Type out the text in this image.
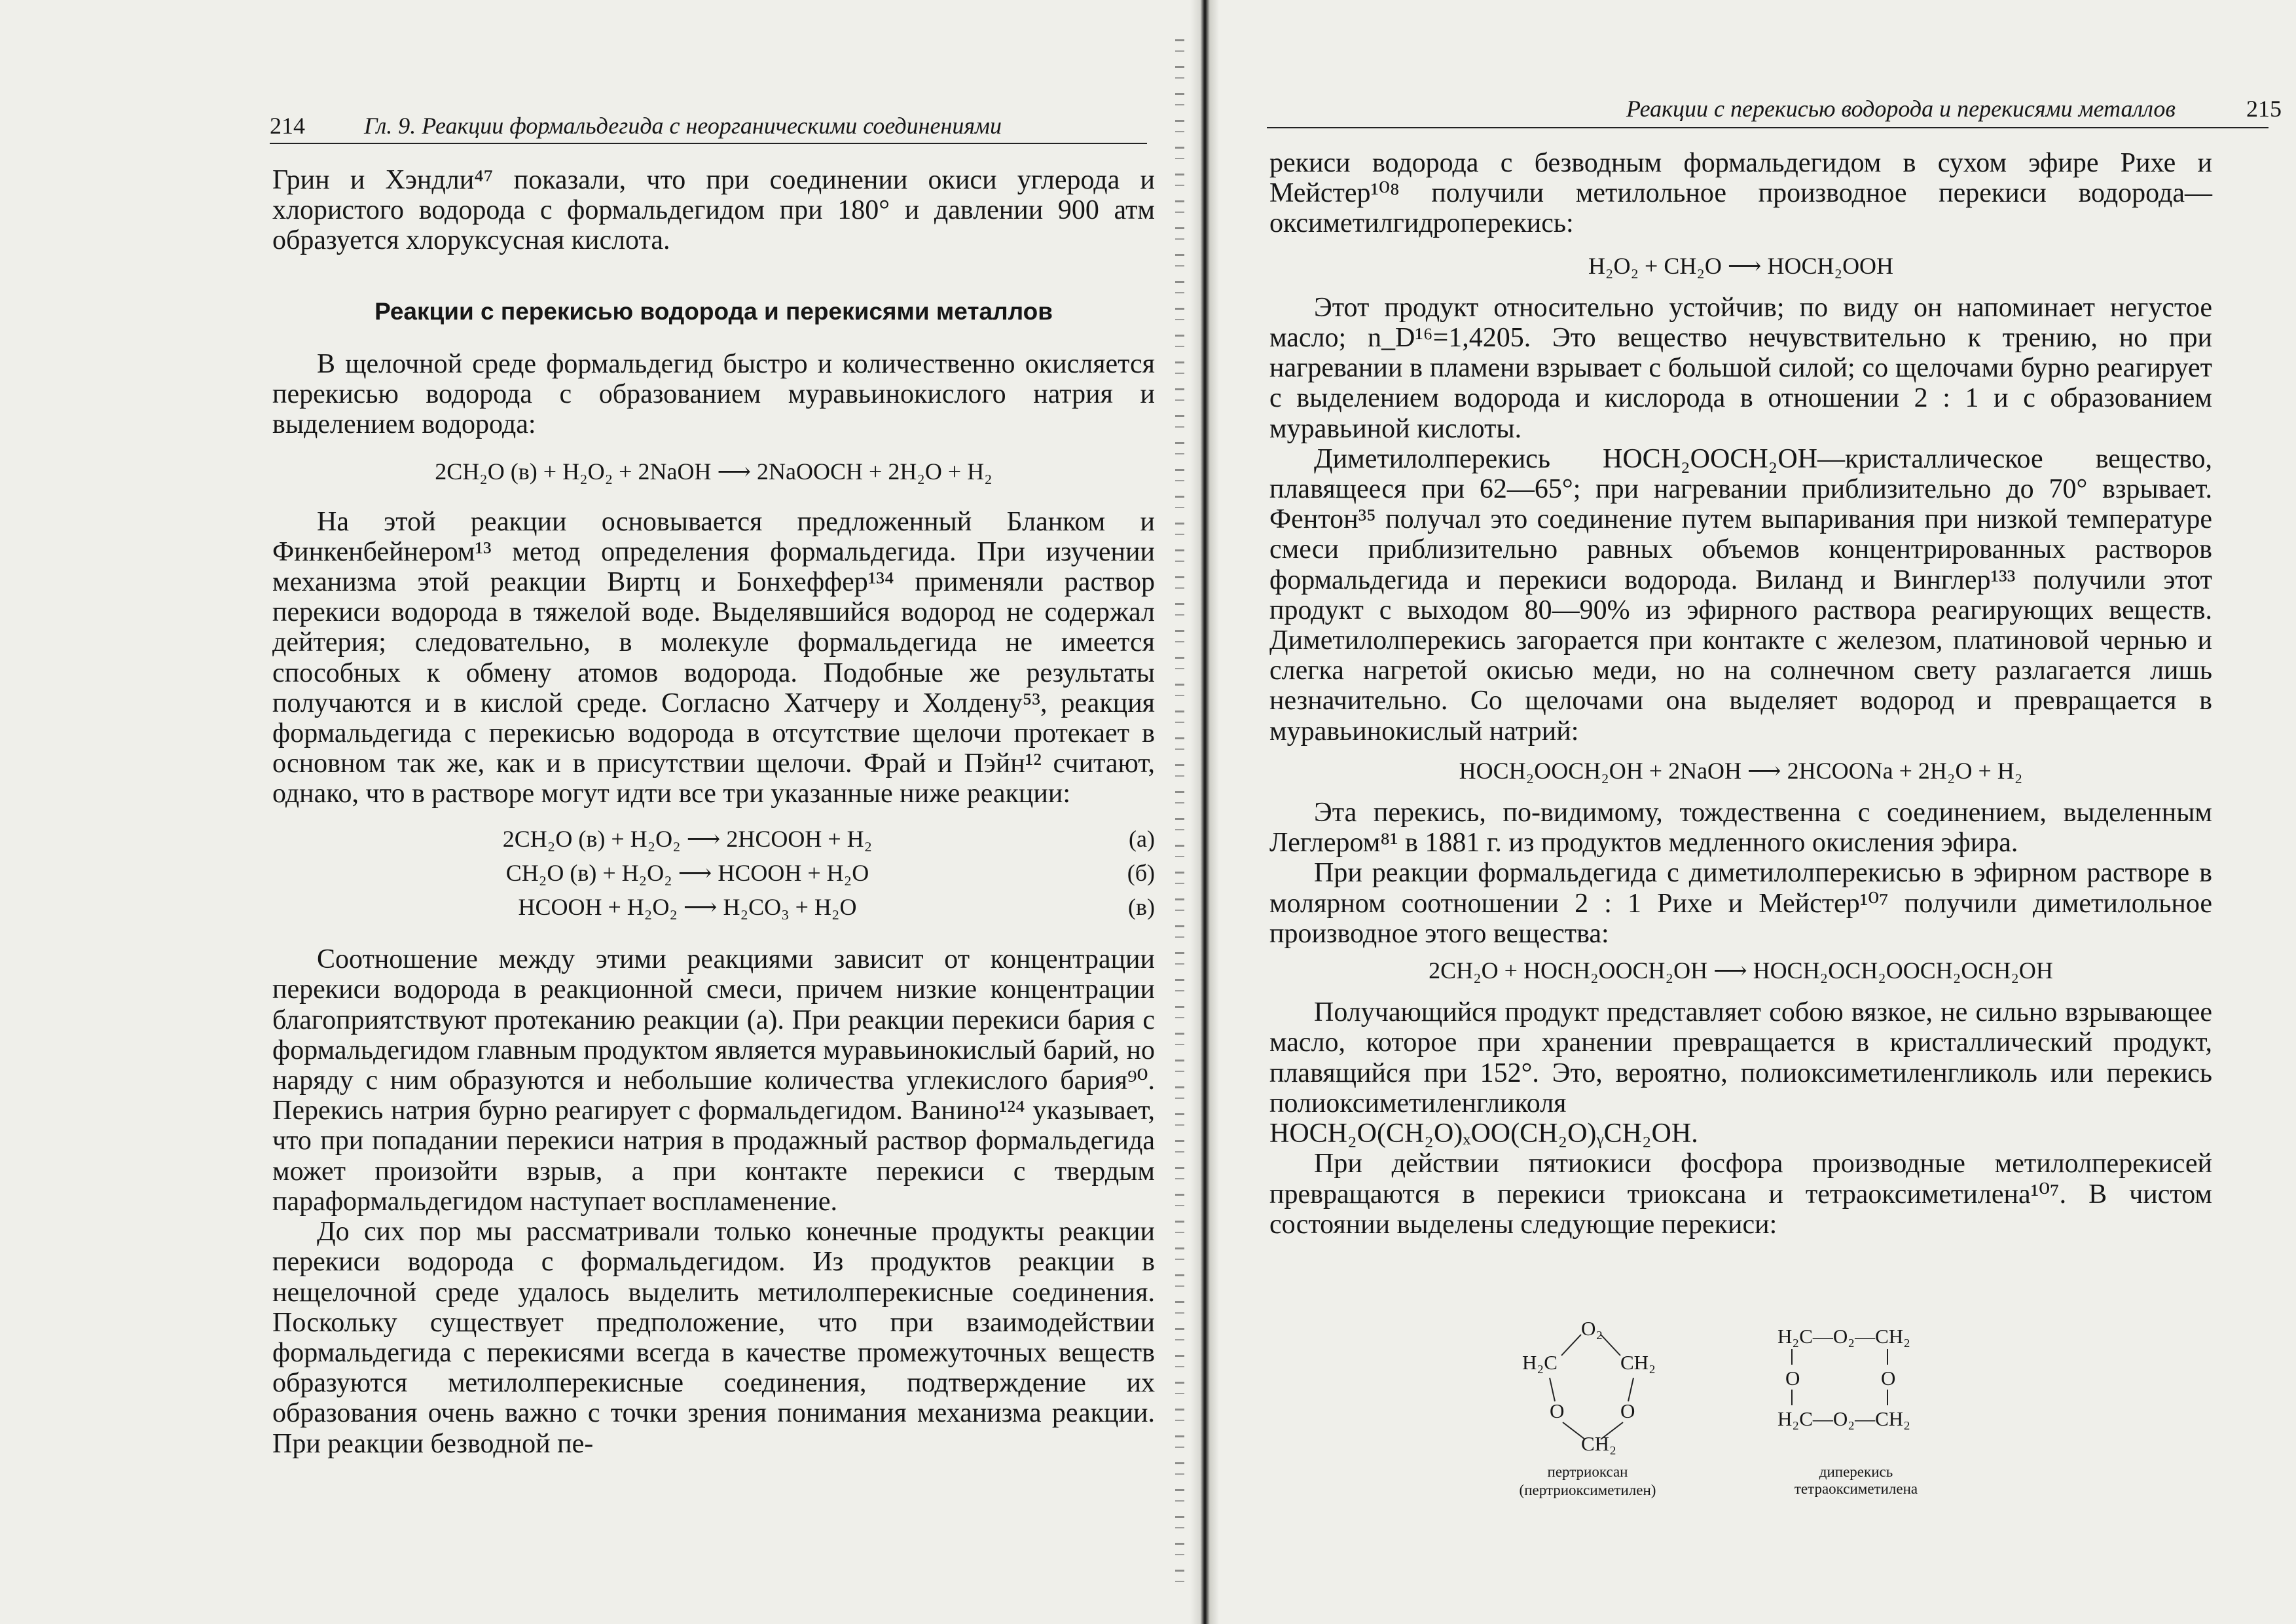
214	Гл. 9. Реакции формальдегида с неорганическими соединениями

Грин и Хэндли⁴⁷ показали, что при соединении окиси углерода и хлористого водорода с формальдегидом при 180° и давлении 900 атм образуется хлоруксусная кислота.

Реакции с перекисью водорода и перекисями металлов

В щелочной среде формальдегид быстро и количественно окисляется перекисью водорода с образованием муравьинокислого натрия и выделением водорода:

2CH₂O (в) + H₂O₂ + 2NaOH ⟶ 2NaOOCH + 2H₂O + H₂

На этой реакции основывается предложенный Бланком и Финкенбейнером¹³ метод определения формальдегида. При изучении механизма этой реакции Виртц и Бонхеффер¹³⁴ применяли раствор перекиси водорода в тяжелой воде. Выделявшийся водород не содержал дейтерия; следовательно, в молекуле формальдегида не имеется способных к обмену атомов водорода. Подобные же результаты получаются и в кислой среде. Согласно Хатчеру и Холдену⁵³, реакция формальдегида с перекисью водорода в отсутствие щелочи протекает в основном так же, как и в присутствии щелочи. Фрай и Пэйн¹² считают, однако, что в растворе могут идти все три указанные ниже реакции:

2CH₂O (в) + H₂O₂ ⟶ 2HCOOH + H₂	(а)
CH₂O (в) + H₂O₂ ⟶ HCOOH + H₂O	(б)
HCOOH + H₂O₂ ⟶ H₂CO₃ + H₂O	(в)

Соотношение между этими реакциями зависит от концентрации перекиси водорода в реакционной смеси, причем низкие концентрации благоприятствуют протеканию реакции (а). При реакции перекиси бария с формальдегидом главным продуктом является муравьинокислый барий, но наряду с ним образуются и небольшие количества углекислого бария⁹⁰. Перекись натрия бурно реагирует с формальдегидом. Ванино¹²⁴ указывает, что при попадании перекиси натрия в продажный раствор формальдегида может произойти взрыв, а при контакте перекиси с твердым параформальдегидом наступает воспламенение.

До сих пор мы рассматривали только конечные продукты реакции перекиси водорода с формальдегидом. Из продуктов реакции в нещелочной среде удалось выделить метилолперекисные соединения. Поскольку существует предположение, что при взаимодействии формальдегида с перекисями всегда в качестве промежуточных веществ образуются метилолперекисные соединения, подтверждение их образования очень важно с точки зрения понимания механизма реакции. При реакции безводной пе-

Реакции с перекисью водорода и перекисями металлов	215

рекиси водорода с безводным формальдегидом в сухом эфире Рихе и Мейстер¹⁰⁸ получили метилольное производное перекиси водорода—оксиметилгидроперекись:

H₂O₂ + CH₂O ⟶ HOCH₂OOH

Этот продукт относительно устойчив; по виду он напоминает негустое масло; n_D¹⁶=1,4205. Это вещество нечувствительно к трению, но при нагревании в пламени взрывает с большой силой; со щелочами бурно реагирует с выделением водорода и кислорода в отношении 2 : 1 и с образованием муравьиной кислоты.

Диметилолперекись HOCH₂OOCH₂OH—кристаллическое вещество, плавящееся при 62—65°; при нагревании приблизительно до 70° взрывает. Фентон³⁵ получал это соединение путем выпаривания при низкой температуре смеси приблизительно равных объемов концентрированных растворов формальдегида и перекиси водорода. Виланд и Винглер¹³³ получили этот продукт с выходом 80—90% из эфирного раствора реагирующих веществ. Диметилолперекись загорается при контакте с железом, платиновой чернью и слегка нагретой окисью меди, но на солнечном свету разлагается лишь незначительно. Со щелочами она выделяет водород и превращается в муравьинокислый натрий:

HOCH₂OOCH₂OH + 2NaOH ⟶ 2HCOONa + 2H₂O + H₂

Эта перекись, по-видимому, тождественна с соединением, выделенным Леглером⁸¹ в 1881 г. из продуктов медленного окисления эфира.

При реакции формальдегида с диметилолперекисью в эфирном растворе в молярном соотношении 2 : 1 Рихе и Мейстер¹⁰⁷ получили диметилольное производное этого вещества:

2CH₂O + HOCH₂OOCH₂OH ⟶ HOCH₂OCH₂OOCH₂OCH₂OH

Получающийся продукт представляет собою вязкое, не сильно взрывающее масло, которое при хранении превращается в кристаллический продукт, плавящийся при 152°. Это, вероятно, полиоксиметиленгликоль или перекись полиоксиметиленгликоля

HOCH₂O(CH₂O)ₓOO(CH₂O)ᵧCH₂OH.

При действии пятиокиси фосфора производные метилолперекисей превращаются в перекиси триоксана и тетраоксиметилена¹⁰⁷. В чистом состоянии выделены следующие перекиси:

O₂
H₂C	CH₂
O	O
CH₂
пертриоксан
(пертриоксиметилен)
H₂C—O₂—CH₂
O	O
H₂C—O₂—CH₂
диперекись
тетраоксиметилена
